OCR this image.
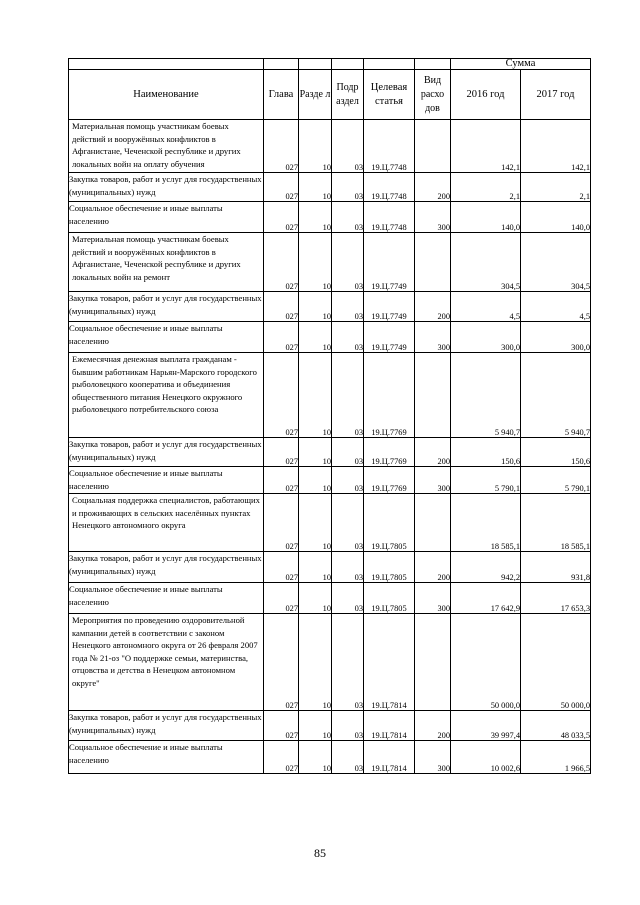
						Сумма	
Наименование	Глава	Разде л	Подр аздел	Целевая статья	Вид расхо дов	2016 год	2017 год
Материальная помощь участникам боевых действий и вооружённых конфликтов в Афганистане, Чеченской республике и других локальных войн на оплату обучения	027	10	03	19.Ц.7748		142,1	142,1
Закупка товаров, работ и услуг для государственных (муниципальных) нужд	027	10	03	19.Ц.7748	200	2,1	2,1
Социальное обеспечение и иные выплаты населению	027	10	03	19.Ц.7748	300	140,0	140,0
Материальная помощь участникам боевых действий и вооружённых конфликтов в Афганистане, Чеченской республике и других локальных войн на ремонт	027	10	03	19.Ц.7749		304,5	304,5
Закупка товаров, работ и услуг для государственных (муниципальных) нужд	027	10	03	19.Ц.7749	200	4,5	4,5
Социальное обеспечение и иные выплаты населению	027	10	03	19.Ц.7749	300	300,0	300,0
Ежемесячная денежная выплата гражданам - бывшим работникам Нарьян-Марского городского рыболовецкого кооператива и объединения общественного питания Ненецкого окружного рыболовецкого потребительского союза	027	10	03	19.Ц.7769		5 940,7	5 940,7
Закупка товаров, работ и услуг для государственных (муниципальных) нужд	027	10	03	19.Ц.7769	200	150,6	150,6
Социальное обеспечение и иные выплаты населению	027	10	03	19.Ц.7769	300	5 790,1	5 790,1
Социальная поддержка специалистов, работающих и проживающих в сельских населённых пунктах Ненецкого автономного округа	027	10	03	19.Ц.7805		18 585,1	18 585,1
Закупка товаров, работ и услуг для государственных (муниципальных) нужд	027	10	03	19.Ц.7805	200	942,2	931,8
Социальное обеспечение и иные выплаты населению	027	10	03	19.Ц.7805	300	17 642,9	17 653,3
Мероприятия по проведению оздоровительной кампании детей в соответствии с законом Ненецкого автономного округа от 26 февраля 2007 года № 21-оз "О поддержке семьи, материнства, отцовства и детства в Ненецком автономном округе"	027	10	03	19.Ц.7814		50 000,0	50 000,0
Закупка товаров, работ и услуг для государственных (муниципальных) нужд	027	10	03	19.Ц.7814	200	39 997,4	48 033,5
Социальное обеспечение и иные выплаты населению	027	10	03	19.Ц.7814	300	10 002,6	1 966,5
85
